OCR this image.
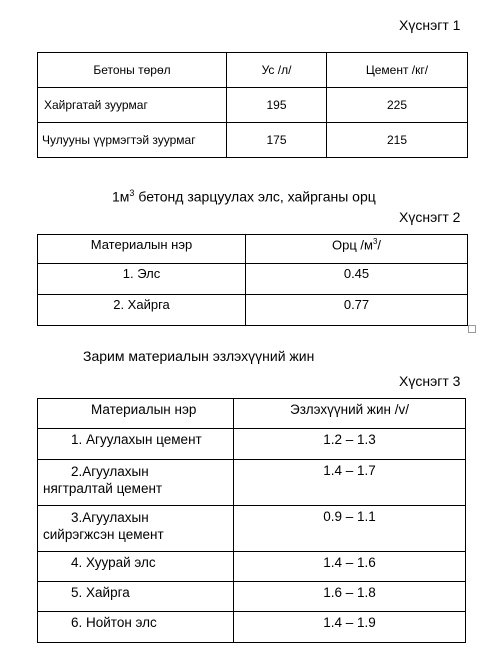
Хүснэгт 1
Бетоны төрөл	Ус /л/	Цемент /кг/
Хайргатай зуурмаг	195	225
Чулууны үүрмэгтэй зуурмаг	175	215
$1м^3$ бетонд зарцуулах элс, хайрганы орц
Хүснэгт 2
Материалын нэр	Орц $/м^3/$
1. Элс	0.45
2. Хайрга	0.77
Зарим материалын эзлэхүүний жин
Хүснэгт 3
Материалын нэр	Эзлэхүүний жин /v/
1. Агуулахын цемент	1.2 – 1.3

2.Агуулахын
нягтралтай цемент	1.4 – 1.7

3.Агуулахын
сийрэгжсэн цемент	0.9 – 1.1
4. Хуурай элс	1.4 – 1.6
5. Хайрга	1.6 – 1.8
6. Нойтон элс	1.4 – 1.9
